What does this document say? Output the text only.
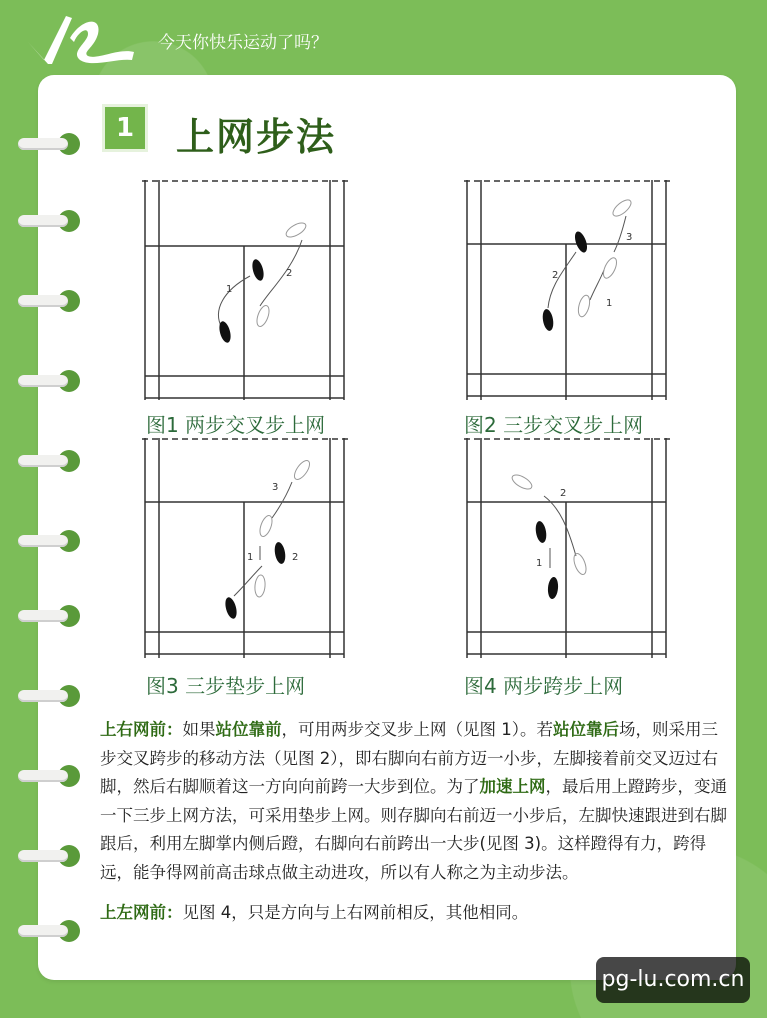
今天你快乐运动了吗？
1	上网步法
1
2
图1 两步交叉步上网
2
1
3
图2 三步交叉步上网
1	2
3
图3 三步垫步上网
1
2
图4 两步跨步上网

上右网前：如果站位靠前，可用两步交叉步上网（见图 1）。若站位靠后场，则采用三步交叉跨步的移动方法（见图 2），即右脚向右前方迈一小步，左脚接着前交叉迈过右脚，然后右脚顺着这一方向向前跨一大步到位。为了加速上网，最后用上蹬跨步，变通一下三步上网方法，可采用垫步上网。则存脚向右前迈一小步后，左脚快速跟进到右脚跟后，利用左脚掌内侧后蹬，右脚向右前跨出一大步(见图 3)。这样蹬得有力，跨得远，能争得网前高击球点做主动进攻，所以有人称之为主动步法。

上左网前：见图 4，只是方向与上右网前相反，其他相同。

pg-lu.com.cn
